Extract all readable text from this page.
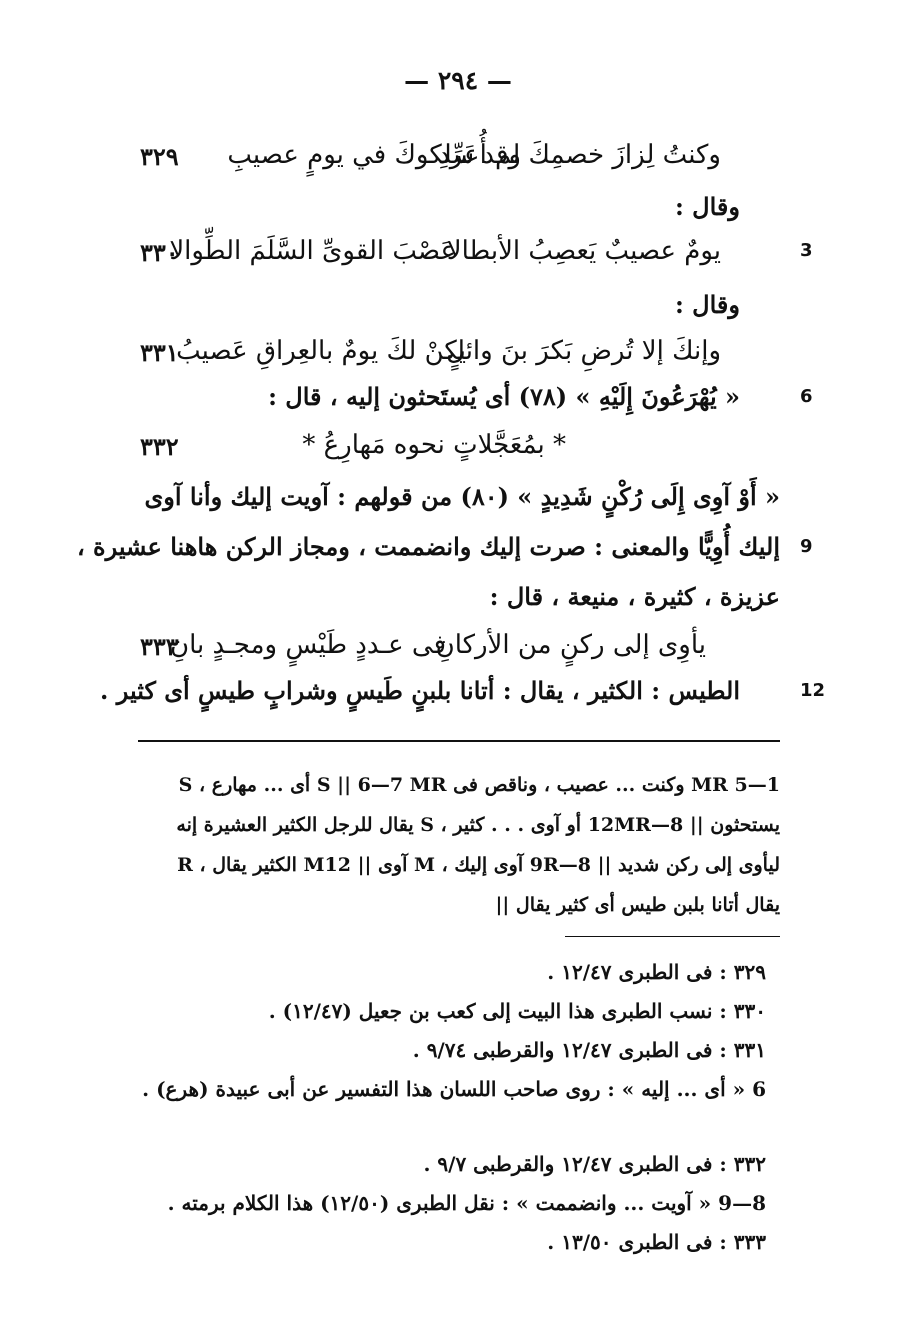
— ٢٩٤ —
وكنتُ لِزازَ خصمِكَ لم أُعَرِّدِ
وقد سلكوكَ في يومٍ عصيبِ
٣٢٩
وقال :
3
يومٌ عصيبٌ يَعصِبُ الأبطالا
عَصْبَ القوىِّ السَّلَمَ الطِّوالا
٣٣٠
وقال :
وإنكَ إلا تُرضِ بَكرَ بنَ وائلٍ
يكنْ لكَ يومٌ بالعِراقِ عَصيبُ
٣٣١
6
« يُهْرَعُونَ إِلَيْهِ » (٧٨) أى يُستَحثون إليه ، قال :
* بمُعَجَّلاتٍ نحوه مَهارِعُ *
٣٣٢
« أَوْ آوِى إِلَى رُكْنٍ شَدِيدٍ » (٨٠) من قولهم : آويت إليك وأنا آوى
9
إليك أُوِيًّا والمعنى : صرت إليك وانضممت ، ومجاز الركن هاهنا عشيرة ،
عزيزة ، كثيرة ، منيعة ، قال :
يأوِى إلى ركنٍ من الأركانِ
فى عـددٍ طَيْسٍ ومجـدٍ بانِ
٣٣٣
12
الطيس : الكثير ، يقال : أتانا بلبنٍ طَيسٍ وشرابٍ طيسٍ أى كثير .
MR 5—1 وكنت ... عصيب ، وناقص فى S || 6—7 MR أى ... مهارع ، S
يستحثون || 8—12MR أو آوى . . . كثير ، S يقال للرجل الكثير العشيرة إنه
ليأوى إلى ركن شديد || 8—9R آوى إليك ، M آوى || M12 الكثير يقال ، R
يقال أتانا بلبن طيس أى كثير يقال ||
٣٢٩ : فى الطبرى ١٢/٤٧ .
٣٣٠ : نسب الطبرى هذا البيت إلى كعب بن جعيل (١٢/٤٧) .
٣٣١ : فى الطبرى ١٢/٤٧ والقرطبى ٩/٧٤ .
6 « أى ... إليه » : روى صاحب اللسان هذا التفسير عن أبى عبيدة (هرع) .
٣٣٢ : فى الطبرى ١٢/٤٧ والقرطبى ٩/٧ .
8—9 « آويت ... وانضممت » : نقل الطبرى (١٢/٥٠) هذا الكلام برمته .
٣٣٣ : فى الطبرى ١٣/٥٠ .
